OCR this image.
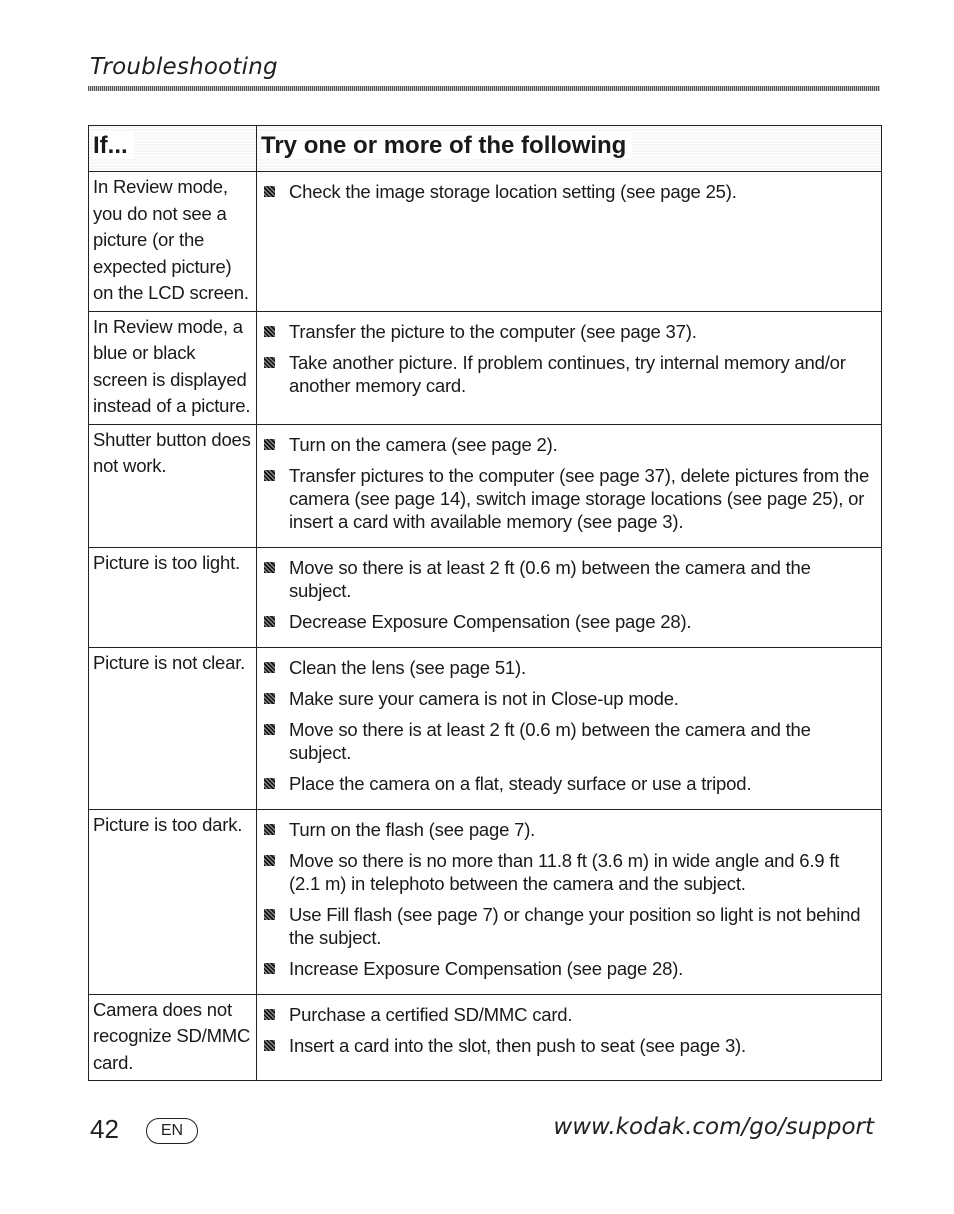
Troubleshooting
If...	Try one or more of the following
In Review mode, you do not see a picture (or the expected picture) on the LCD screen.	Check the image storage location setting (see page 25).

In Review mode, a blue or black screen is displayed instead of a picture.	Transfer the picture to the computer (see page 37).
Take another picture. If problem continues, try internal memory and/or another memory card.

Shutter button does not work.	Turn on the camera (see page 2).
Transfer pictures to the computer (see page 37), delete pictures from the camera (see page 14), switch image storage locations (see page 25), or insert a card with available memory (see page 3).

Picture is too light.	Move so there is at least 2 ft (0.6 m) between the camera and the subject.
Decrease Exposure Compensation (see page 28).

Picture is not clear.	Clean the lens (see page 51).
Make sure your camera is not in Close-up mode.
Move so there is at least 2 ft (0.6 m) between the camera and the subject.
Place the camera on a flat, steady surface or use a tripod.

Picture is too dark.	Turn on the flash (see page 7).
Move so there is no more than 11.8 ft (3.6 m) in wide angle and 6.9 ft (2.1 m) in telephoto between the camera and the subject.
Use Fill flash (see page 7) or change your position so light is not behind the subject.
Increase Exposure Compensation (see page 28).

Camera does not recognize SD/MMC card.	Purchase a certified SD/MMC card.
Insert a card into the slot, then push to seat (see page 3).
42	EN	www.kodak.com/go/support
